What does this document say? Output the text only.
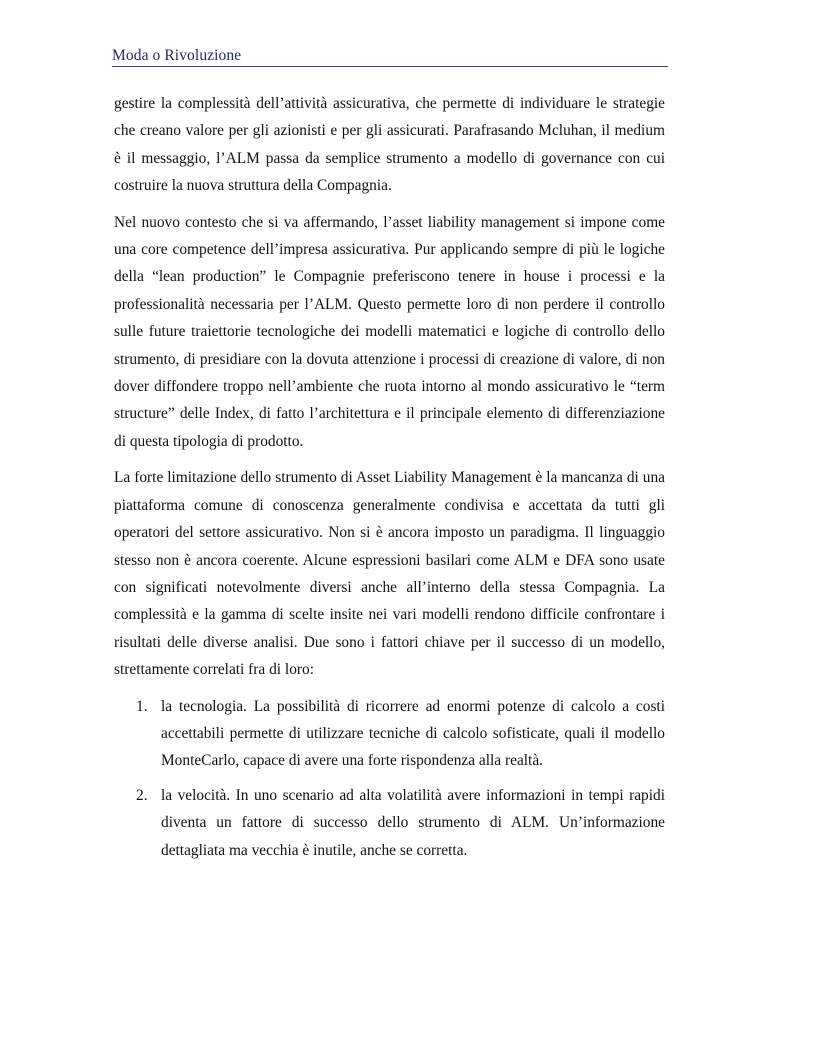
Moda o Rivoluzione

gestire la complessità dell’attività assicurativa, che permette di individuare le strategie che creano valore per gli azionisti e per gli assicurati. Parafrasando Mcluhan, il medium è il messaggio, l’ALM passa da semplice strumento a modello di governance con cui costruire la nuova struttura della Compagnia.

Nel nuovo contesto che si va affermando, l’asset liability management si impone come una core competence dell’impresa assicurativa. Pur applicando sempre di più le logiche della “lean production” le Compagnie preferiscono tenere in house i processi e la professionalità necessaria per l’ALM. Questo permette loro di non perdere il controllo sulle future traiettorie tecnologiche dei modelli matematici e logiche di controllo dello strumento, di presidiare con la dovuta attenzione i processi di creazione di valore, di non dover diffondere troppo nell’ambiente che ruota intorno al mondo assicurativo le “term structure” delle Index, di fatto l’architettura e il principale elemento di differenziazione di questa tipologia di prodotto.

La forte limitazione dello strumento di Asset Liability Management è la mancanza di una piattaforma comune di conoscenza generalmente condivisa e accettata da tutti gli operatori del settore assicurativo. Non si è ancora imposto un paradigma. Il linguaggio stesso non è ancora coerente. Alcune espressioni basilari come ALM e DFA sono usate con significati notevolmente diversi anche all’interno della stessa Compagnia. La complessità e la gamma di scelte insite nei vari modelli rendono difficile confrontare i risultati delle diverse analisi. Due sono i fattori chiave per il successo di un modello, strettamente correlati fra di loro:

1. la tecnologia. La possibilità di ricorrere ad enormi potenze di calcolo a costi accettabili permette di utilizzare tecniche di calcolo sofisticate, quali il modello MonteCarlo, capace di avere una forte rispondenza alla realtà.
2. la velocità. In uno scenario ad alta volatilità avere informazioni in tempi rapidi diventa un fattore di successo dello strumento di ALM. Un’informazione dettagliata ma vecchia è inutile, anche se corretta.
